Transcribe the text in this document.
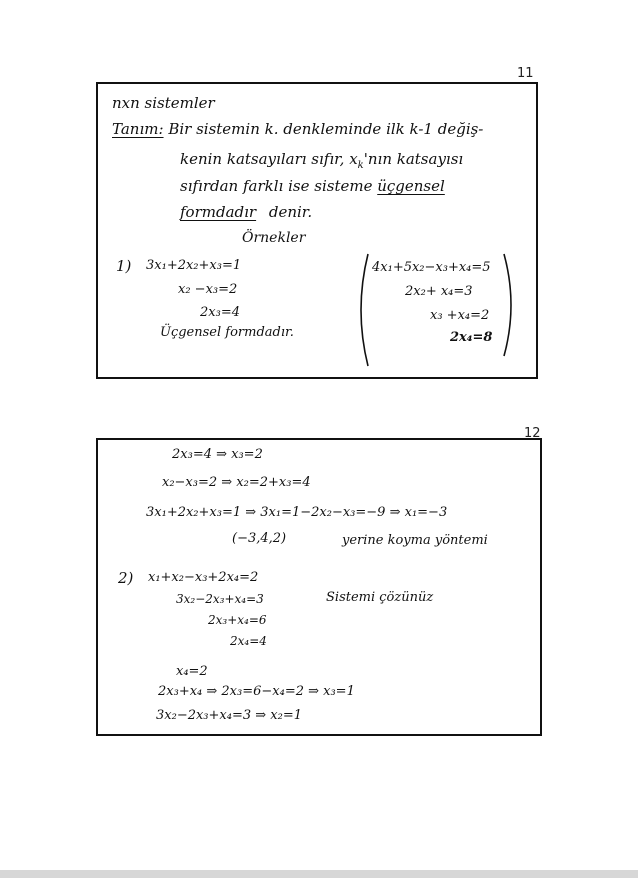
11
nxn sistemler
Tanım: Bir sistemin k. denkleminde ilk k-1 değiş-
kenin katsayıları sıfır, $x_k'nın$ katsayısı
sıfırdan farklı ise sisteme üçgensel
formdadır denir.
Örnekler
1) 3x₁+2x₂+x₃=1
x₂ −x₃=2
2x₃=4
Üçgensel formdadır.
4x₁+5x₂−x₃+x₄=5
2x₂+ x₄=3
x₃ +x₄=2
2x₄=8
12
2x₃=4 ⇒ x₃=2
x₂−x₃=2 ⇒ x₂=2+x₃=4
3x₁+2x₂+x₃=1 ⇒ 3x₁=1−2x₂−x₃=−9 ⇒ x₁=−3
(−3,4,2)	yerine koyma yöntemi
2) x₁+x₂−x₃+2x₄=2
3x₂−2x₃+x₄=3
2x₃+x₄=6
2x₄=4
Sistemi çözünüz
x₄=2
2x₃+x₄ ⇒ 2x₃=6−x₄=2 ⇒ x₃=1
3x₂−2x₃+x₄=3 ⇒ x₂=1
